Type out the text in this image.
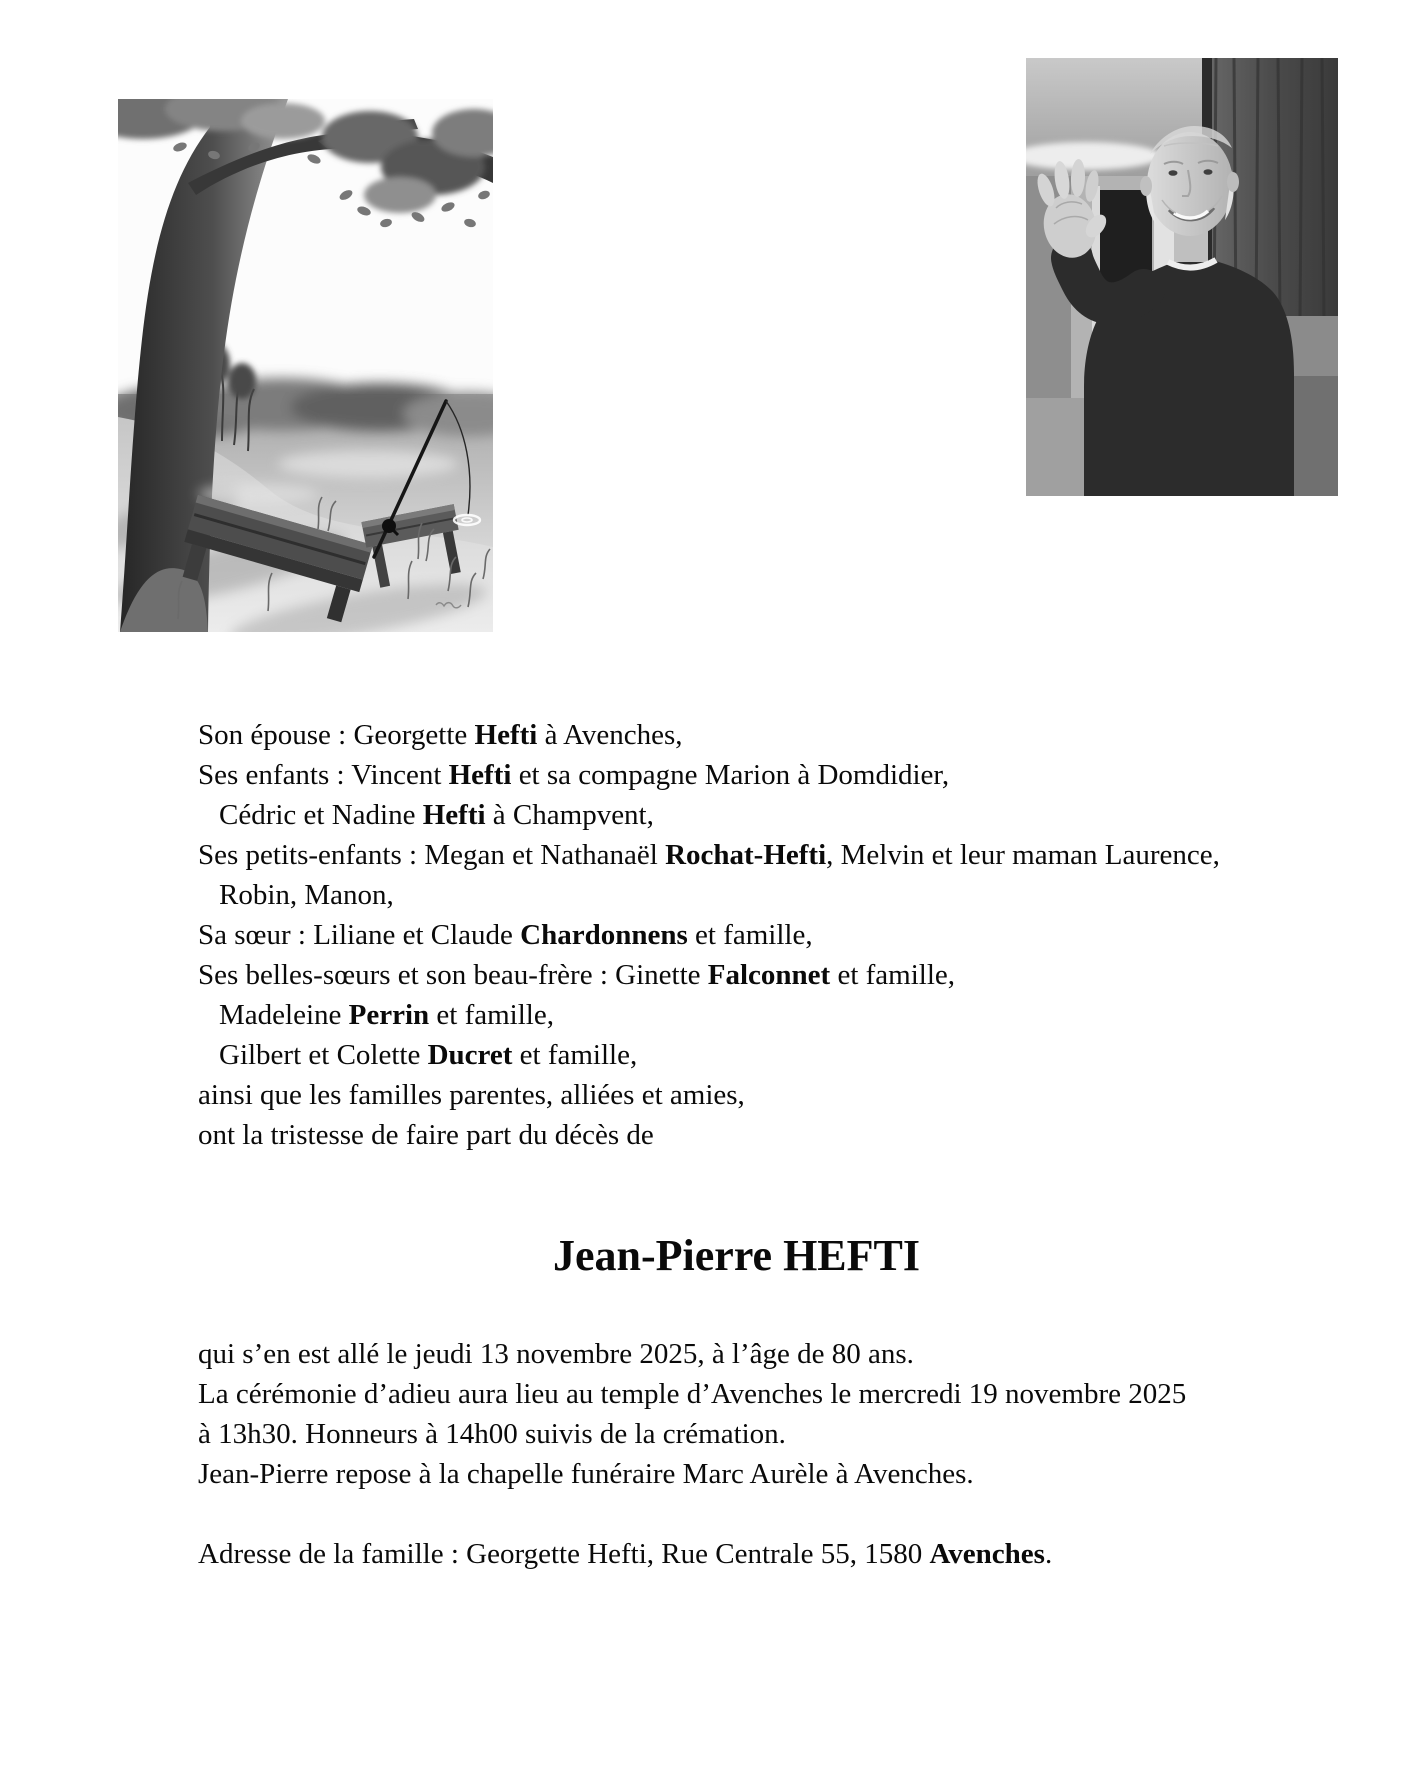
Son épouse : Georgette Hefti à Avenches,
Ses enfants : Vincent Hefti et sa compagne Marion à Domdidier,
Cédric et Nadine Hefti à Champvent,
Ses petits-enfants : Megan et Nathanaël Rochat-Hefti, Melvin et leur maman Laurence,
Robin, Manon,
Sa sœur : Liliane et Claude Chardonnens et famille,
Ses belles-sœurs et son beau-frère : Ginette Falconnet et famille,
Madeleine Perrin et famille,
Gilbert et Colette Ducret et famille,
ainsi que les familles parentes, alliées et amies,
ont la tristesse de faire part du décès de
Jean-Pierre HEFTI
qui s’en est allé le jeudi 13 novembre 2025, à l’âge de 80 ans.
La cérémonie d’adieu aura lieu au temple d’Avenches le mercredi 19 novembre 2025
à 13h30. Honneurs à 14h00 suivis de la crémation.
Jean-Pierre repose à la chapelle funéraire Marc Aurèle à Avenches.
Adresse de la famille : Georgette Hefti, Rue Centrale 55, 1580 Avenches.
